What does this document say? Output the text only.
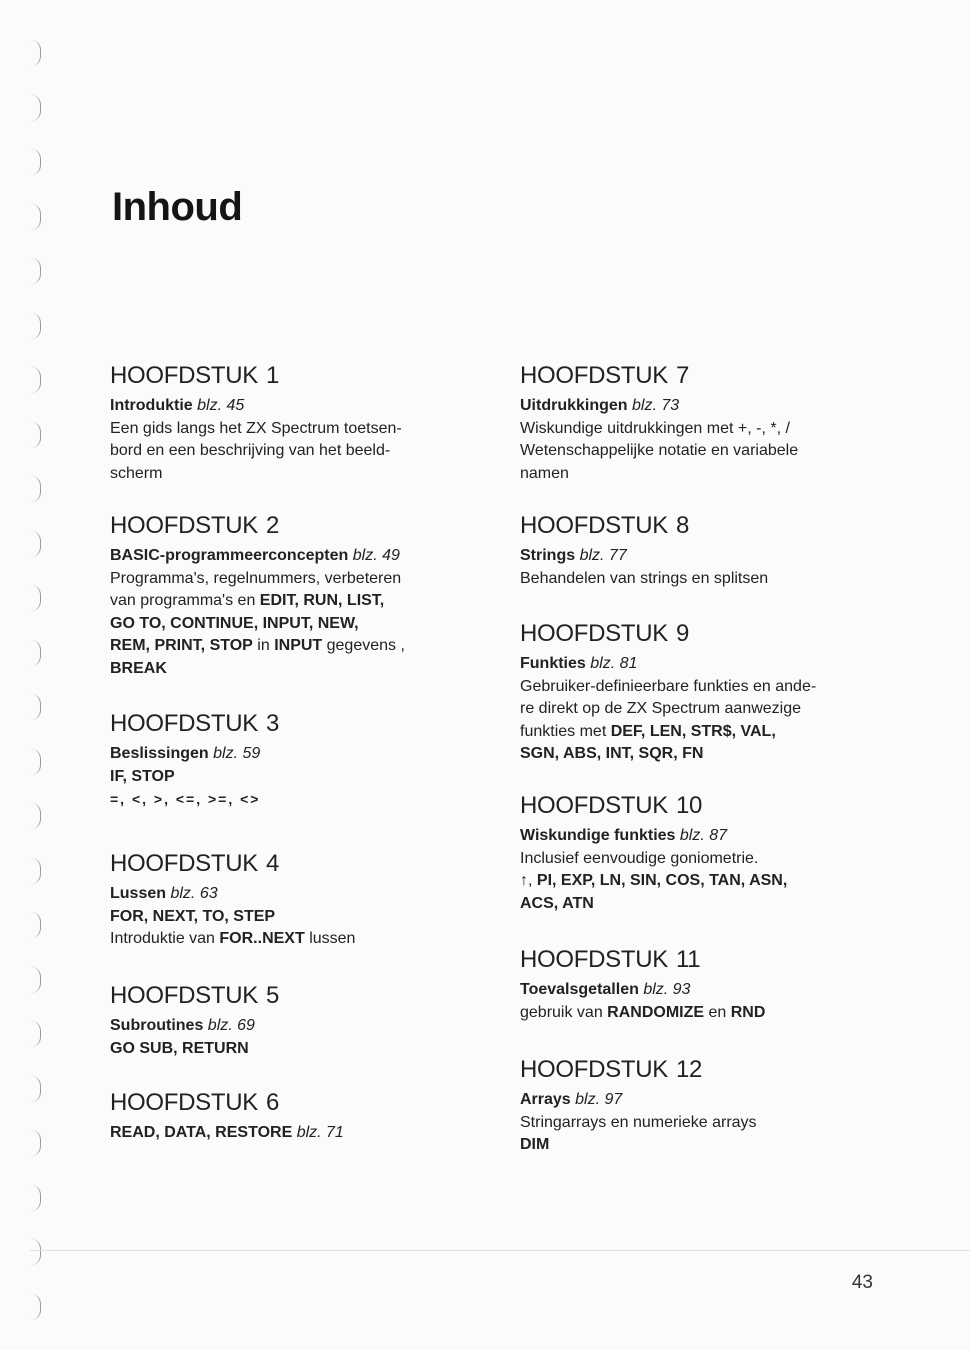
Inhoud
HOOFDSTUK 1

Introduktie blz. 45

Een gids langs het ZX Spectrum toetsen-

bord en een beschrijving van het beeld-

scherm

HOOFDSTUK 2

BASIC-programmeerconcepten blz. 49

Programma's, regelnummers, verbeteren

van programma's en EDIT, RUN, LIST,

GO TO, CONTINUE, INPUT, NEW,

REM, PRINT, STOP in INPUT gegevens ,

BREAK

HOOFDSTUK 3

Beslissingen blz. 59

IF, STOP

=, <, >, <=, >=, <>

HOOFDSTUK 4

Lussen blz. 63

FOR, NEXT, TO, STEP

Introduktie van FOR..NEXT lussen

HOOFDSTUK 5

Subroutines blz. 69

GO SUB, RETURN

HOOFDSTUK 6

READ, DATA, RESTORE blz. 71

HOOFDSTUK 7

Uitdrukkingen blz. 73

Wiskundige uitdrukkingen met +, -, *, /

Wetenschappelijke notatie en variabele

namen

HOOFDSTUK 8

Strings blz. 77

Behandelen van strings en splitsen

HOOFDSTUK 9

Funkties blz. 81

Gebruiker-definieerbare funkties en ande-

re direkt op de ZX Spectrum aanwezige

funkties met DEF, LEN, STR$, VAL,

SGN, ABS, INT, SQR, FN

HOOFDSTUK 10

Wiskundige funkties blz. 87

Inclusief eenvoudige goniometrie.

↑, PI, EXP, LN, SIN, COS, TAN, ASN,

ACS, ATN

HOOFDSTUK 11

Toevalsgetallen blz. 93

gebruik van RANDOMIZE en RND

HOOFDSTUK 12

Arrays blz. 97

Stringarrays en numerieke arrays

DIM

43
